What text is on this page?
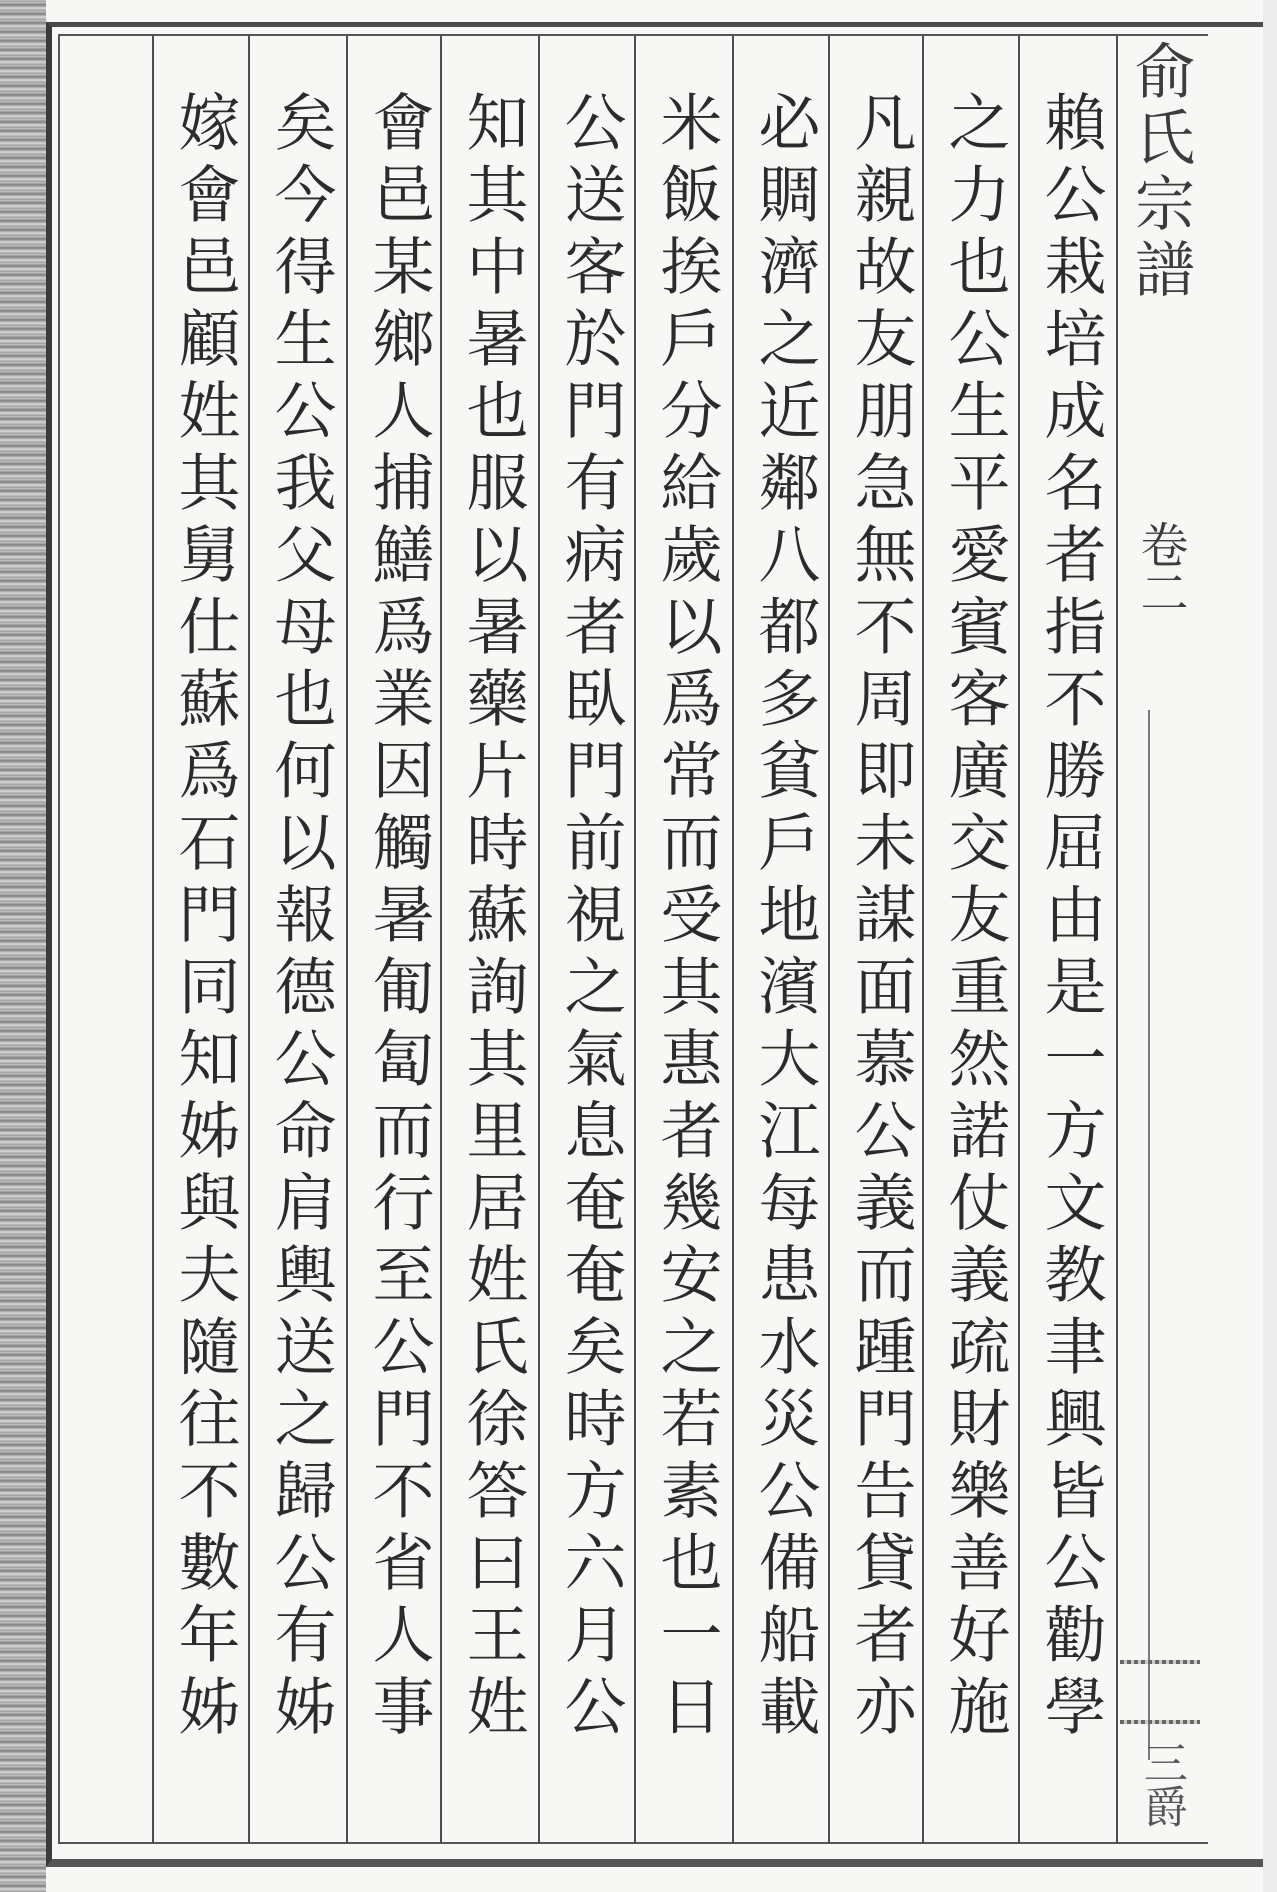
賴公栽培成名者指不勝屈由是一方文教聿興皆公勸學
之力也公生平愛賓客廣交友重然諾仗義疏財樂善好施
凡親故友朋急無不周即未謀面慕公義而踵門告貸者亦
必賙濟之近鄰八都多貧戶地濱大江每患水災公備船載
米飯挨戶分給歲以爲常而受其惠者幾安之若素也一日
公送客於門有病者臥門前視之氣息奄奄矣時方六月公
知其中暑也服以暑藥片時蘇詢其里居姓氏徐答曰王姓
會邑某鄉人捕鱔爲業因觸暑匍匐而行至公門不省人事
矣今得生公我父母也何以報德公命肩輿送之歸公有姊
嫁會邑顧姓其舅仕蘇爲石門同知姊與夫隨往不數年姊	俞氏宗譜
卷二
三爵
